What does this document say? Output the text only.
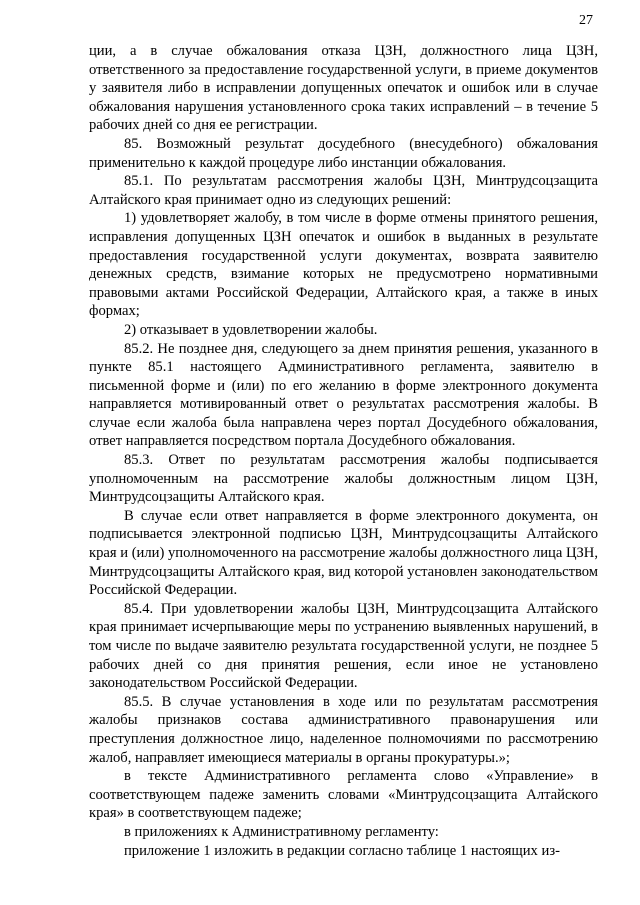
27

ции, а в случае обжалования отказа ЦЗН, должностного лица ЦЗН, ответственного за предоставление государственной услуги, в приеме документов у заявителя либо в исправлении допущенных опечаток и ошибок или в случае обжалования нарушения установленного срока таких исправлений – в течение 5 рабочих дней со дня ее регистрации.

85. Возможный результат досудебного (внесудебного) обжалования применительно к каждой процедуре либо инстанции обжалования.

85.1. По результатам рассмотрения жалобы ЦЗН, Минтрудсоцзащита Алтайского края принимает одно из следующих решений:

1) удовлетворяет жалобу, в том числе в форме отмены принятого решения, исправления допущенных ЦЗН опечаток и ошибок в выданных в результате предоставления государственной услуги документах, возврата заявителю денежных средств, взимание которых не предусмотрено нормативными правовыми актами Российской Федерации, Алтайского края, а также в иных формах;

2) отказывает в удовлетворении жалобы.

85.2. Не позднее дня, следующего за днем принятия решения, указанного в пункте 85.1 настоящего Административного регламента, заявителю в письменной форме и (или) по его желанию в форме электронного документа направляется мотивированный ответ о результатах рассмотрения жалобы. В случае если жалоба была направлена через портал Досудебного обжалования, ответ направляется посредством портала Досудебного обжалования.

85.3. Ответ по результатам рассмотрения жалобы подписывается уполномоченным на рассмотрение жалобы должностным лицом ЦЗН, Минтрудсоцзащиты Алтайского края.

В случае если ответ направляется в форме электронного документа, он подписывается электронной подписью ЦЗН, Минтрудсоцзащиты Алтайского края и (или) уполномоченного на рассмотрение жалобы должностного лица ЦЗН, Минтрудсоцзащиты Алтайского края, вид которой установлен законодательством Российской Федерации.

85.4. При удовлетворении жалобы ЦЗН, Минтрудсоцзащита Алтайского края принимает исчерпывающие меры по устранению выявленных нарушений, в том числе по выдаче заявителю результата государственной услуги, не позднее 5 рабочих дней со дня принятия решения, если иное не установлено законодательством Российской Федерации.

85.5. В случае установления в ходе или по результатам рассмотрения жалобы признаков состава административного правонарушения или преступления должностное лицо, наделенное полномочиями по рассмотрению жалоб, направляет имеющиеся материалы в органы прокуратуры.»;

в тексте Административного регламента слово «Управление» в соответствующем падеже заменить словами «Минтрудсоцзащита Алтайского края» в соответствующем падеже;

в приложениях к Административному регламенту:

приложение 1 изложить в редакции согласно таблице 1 настоящих из-
